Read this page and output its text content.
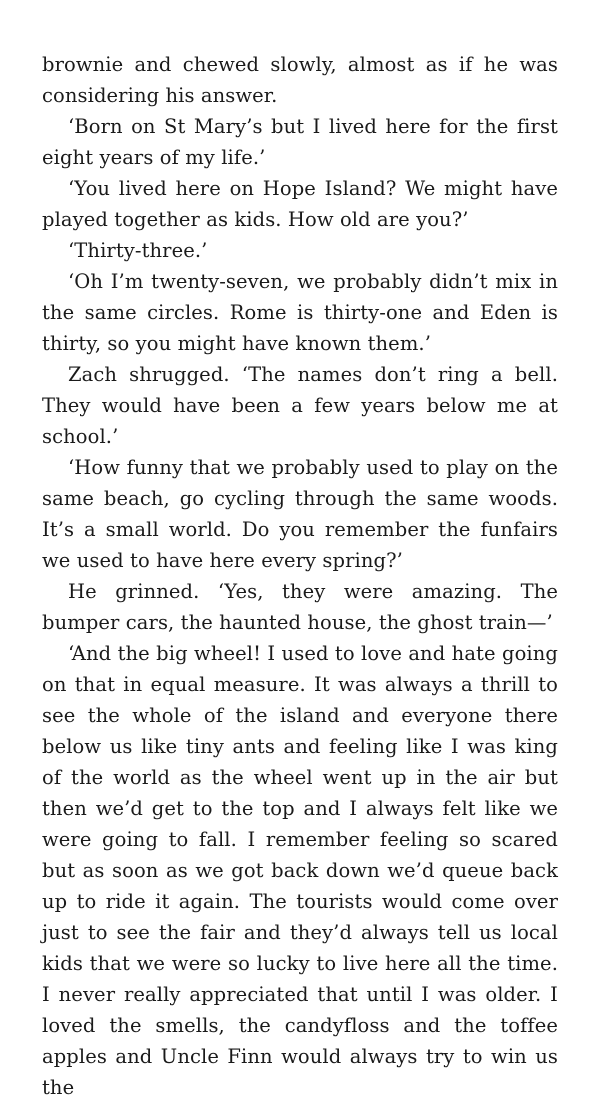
brownie and chewed slowly, almost as if he was considering his answer.

‘Born on St Mary’s but I lived here for the first eight years of my life.’

‘You lived here on Hope Island? We might have played together as kids. How old are you?’

‘Thirty-three.’

‘Oh I’m twenty-seven, we probably didn’t mix in the same circles. Rome is thirty-one and Eden is thirty, so you might have known them.’

Zach shrugged. ‘The names don’t ring a bell. They would have been a few years below me at school.’

‘How funny that we probably used to play on the same beach, go cycling through the same woods. It’s a small world. Do you remember the funfairs we used to have here every spring?’

He grinned. ‘Yes, they were amazing. The bumper cars, the haunted house, the ghost train—’

‘And the big wheel! I used to love and hate going on that in equal measure. It was always a thrill to see the whole of the island and everyone there below us like tiny ants and feeling like I was king of the world as the wheel went up in the air but then we’d get to the top and I always felt like we were going to fall. I remember feeling so scared but as soon as we got back down we’d queue back up to ride it again. The tourists would come over just to see the fair and they’d always tell us local kids that we were so lucky to live here all the time. I never really appreciated that until I was older. I loved the smells, the candyfloss and the toffee apples and Uncle Finn would always try to win us the
